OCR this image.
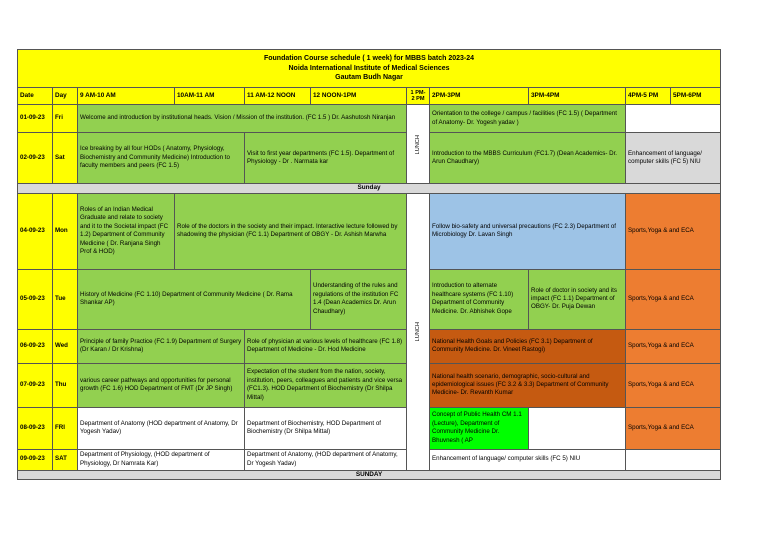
Foundation Course schedule ( 1 week) for MBBS batch 2023-24
Noida International Institute of Medical Sciences
Gautam Budh Nagar										

Date	Day	9 AM-10 AM	10AM-11 AM	11 AM-12 NOON	12 NOON-1PM	1 PM-2 PM	2PM-3PM	3PM-4PM	4PM-5 PM	5PM-6PM
01-09-23	Fri	Welcome and introduction by institutional heads. Vision / Mission of the institution. (FC 1.5 ) Dr. Aashutosh Niranjan				LUNCH	Orientation to the college / campus / facilities (FC 1.5) ( Department of Anatomy- Dr. Yogesh yadav )			
02-09-23	Sat	Ice breaking by all four HODs ( Anatomy, Physiology, Biochemistry and Community Medicine) Introduction to faculty members and peers (FC 1.5)		Visit to first year departments (FC 1.5). Department of Physiology - Dr . Narmata kar			Introduction to the MBBS Curriculum (FC1.7) (Dean Academics- Dr. Arun Chaudhary)		Enhancement of language/ computer skills (FC 5) NIU	
Sunday										
04-09-23	Mon	Roles of an Indian Medical Graduate and relate to society and it to the Societal impact (FC 1.2) Department of Community Medicine ( Dr. Ranjana Singh Prof & HOD)	Role of the doctors in the society and their impact. Interactive lecture followed by shadowing the physician (FC 1.1) Department of OBGY - Dr. Ashish Marwha			LUNCH	Follow bio-safety and universal precautions (FC 2.3) Department of Microbiology Dr. Lavan Singh		Sports,Yoga & and ECA	
05-09-23	Tue	History of Medicine (FC 1.10) Department of Community Medicine ( Dr. Rama Shankar AP)			Understanding of the rules and regulations of the institution FC 1.4 (Dean Academics Dr. Arun Chaudhary)		Introduction to alternate healthcare systems (FC 1.10) Department of Community Medicine. Dr. Abhishek Gope	Role of doctor in society and its impact (FC 1.1) Department of OBGY- Dr. Puja Dewan	Sports,Yoga & and ECA	
06-09-23	Wed	Principle of family Practice (FC 1.9) Department of Surgery (Dr Karan / Dr Krishna)		Role of physician at various levels of healthcare (FC 1.8) Department of Medicine - Dr. Hod Medicine			National Health Goals and Policies (FC 3.1) Department of Community Medicine. Dr. Vineet Rastogi)		Sports,Yoga & and ECA	
07-09-23	Thu	various career pathways and opportunities for personal growth (FC 1.6) HOD Department of FMT (Dr JP Singh)		Expectation of the student from the nation, society, institution, peers, colleagues and patients and vice versa (FC1.3). HOD Department of Biochemistry (Dr Shilpa Mittal)			National health scenario, demographic, socio-cultural and epidemiological issues (FC 3.2 & 3.3) Department of Community Medicine- Dr. Revanth Kumar		Sports,Yoga & and ECA	
08-09-23	FRI	Department of Anatomy (HOD department of Anatomy, Dr Yogesh Yadav)		Department of Biochemistry, HOD Department of Biochemistry (Dr Shilpa Mittal)			Concept of Public Health CM 1.1 (Lecture), Department of Community Medicine Dr. Bhuvnesh ( AP		Sports,Yoga & and ECA	
09-09-23	SAT	Department of Physiology, (HOD department of Physiology, Dr Namrata Kar)		Department of Anatomy, (HOD department of Anatomy, Dr Yogesh Yadav)			Enhancement of language/ computer skills (FC 5) NIU			
SUNDAY										
